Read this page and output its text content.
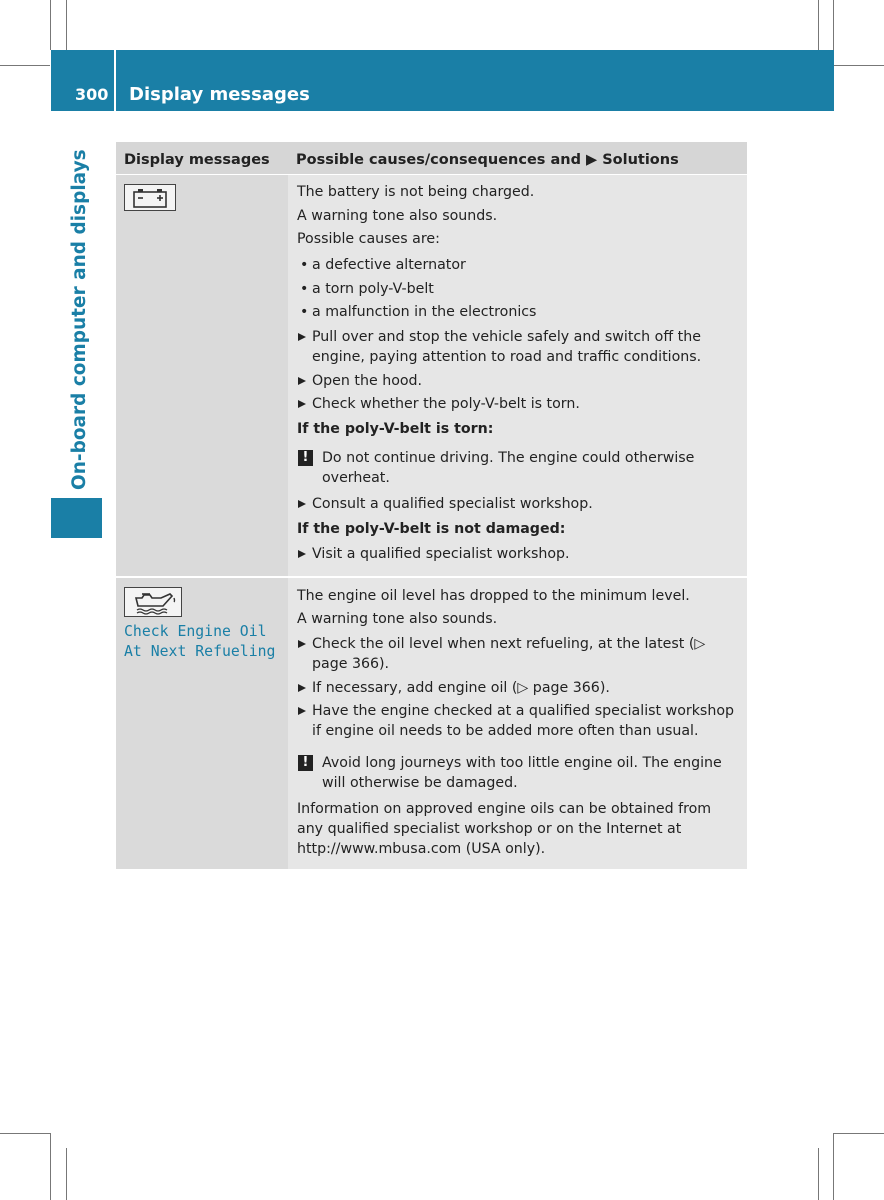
300 Display messages
On-board computer and displays	Display messages	Possible causes/consequences and ▶ Solutions
The battery is not being charged.
A warning tone also sounds.
Possible causes are:
• a defective alternator
• a torn poly-V-belt
• a malfunction in the electronics
Pull over and stop the vehicle safely and switch off the engine, paying attention to road and traffic conditions.
Open the hood.
Check whether the poly-V-belt is torn.
If the poly-V-belt is torn:
! Do not continue driving. The engine could otherwise overheat.
Consult a qualified specialist workshop.
If the poly-V-belt is not damaged:
Visit a qualified specialist workshop.
Check Engine Oil
At Next Refueling
The engine oil level has dropped to the minimum level.
A warning tone also sounds.
Check the oil level when next refueling, at the latest (▷ page 366).
If necessary, add engine oil (▷ page 366).
Have the engine checked at a qualified specialist workshop if engine oil needs to be added more often than usual.
! Avoid long journeys with too little engine oil. The engine will otherwise be damaged.
Information on approved engine oils can be obtained from any qualified specialist workshop or on the Internet at http://www.mbusa.com (USA only).
